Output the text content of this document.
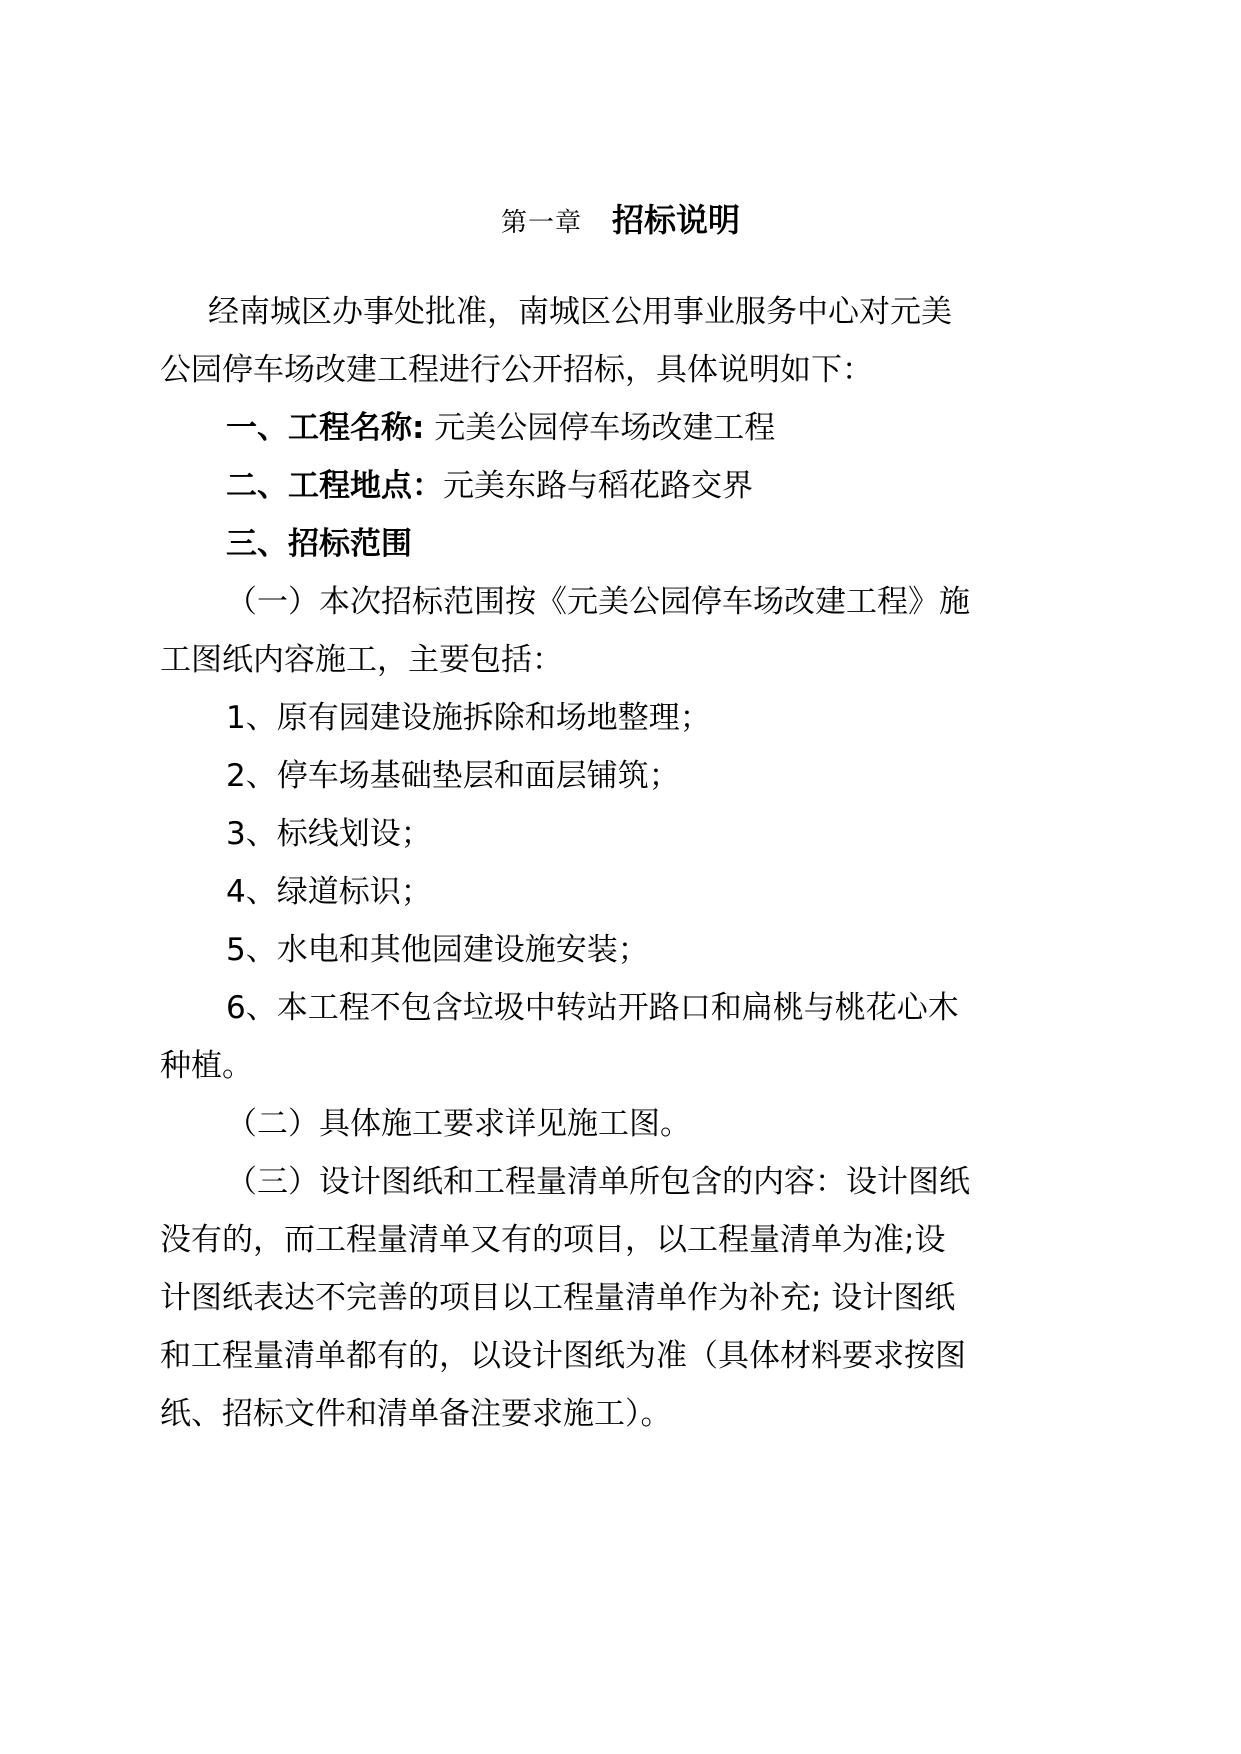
第一章 招标说明
经南城区办事处批准，南城区公用事业服务中心对元美
公园停车场改建工程进行公开招标，具体说明如下：
一、工程名称: 元美公园停车场改建工程
二、工程地点：元美东路与稻花路交界
三、招标范围
（一）本次招标范围按《元美公园停车场改建工程》施
工图纸内容施工，主要包括：
1、原有园建设施拆除和场地整理；
2、停车场基础垫层和面层铺筑；
3、标线划设；
4、绿道标识；
5、水电和其他园建设施安装；
6、本工程不包含垃圾中转站开路口和扁桃与桃花心木
种植。
（二）具体施工要求详见施工图。
（三）设计图纸和工程量清单所包含的内容：设计图纸
没有的，而工程量清单又有的项目，以工程量清单为准;设
计图纸表达不完善的项目以工程量清单作为补充; 设计图纸
和工程量清单都有的，以设计图纸为准（具体材料要求按图
纸、招标文件和清单备注要求施工）。
